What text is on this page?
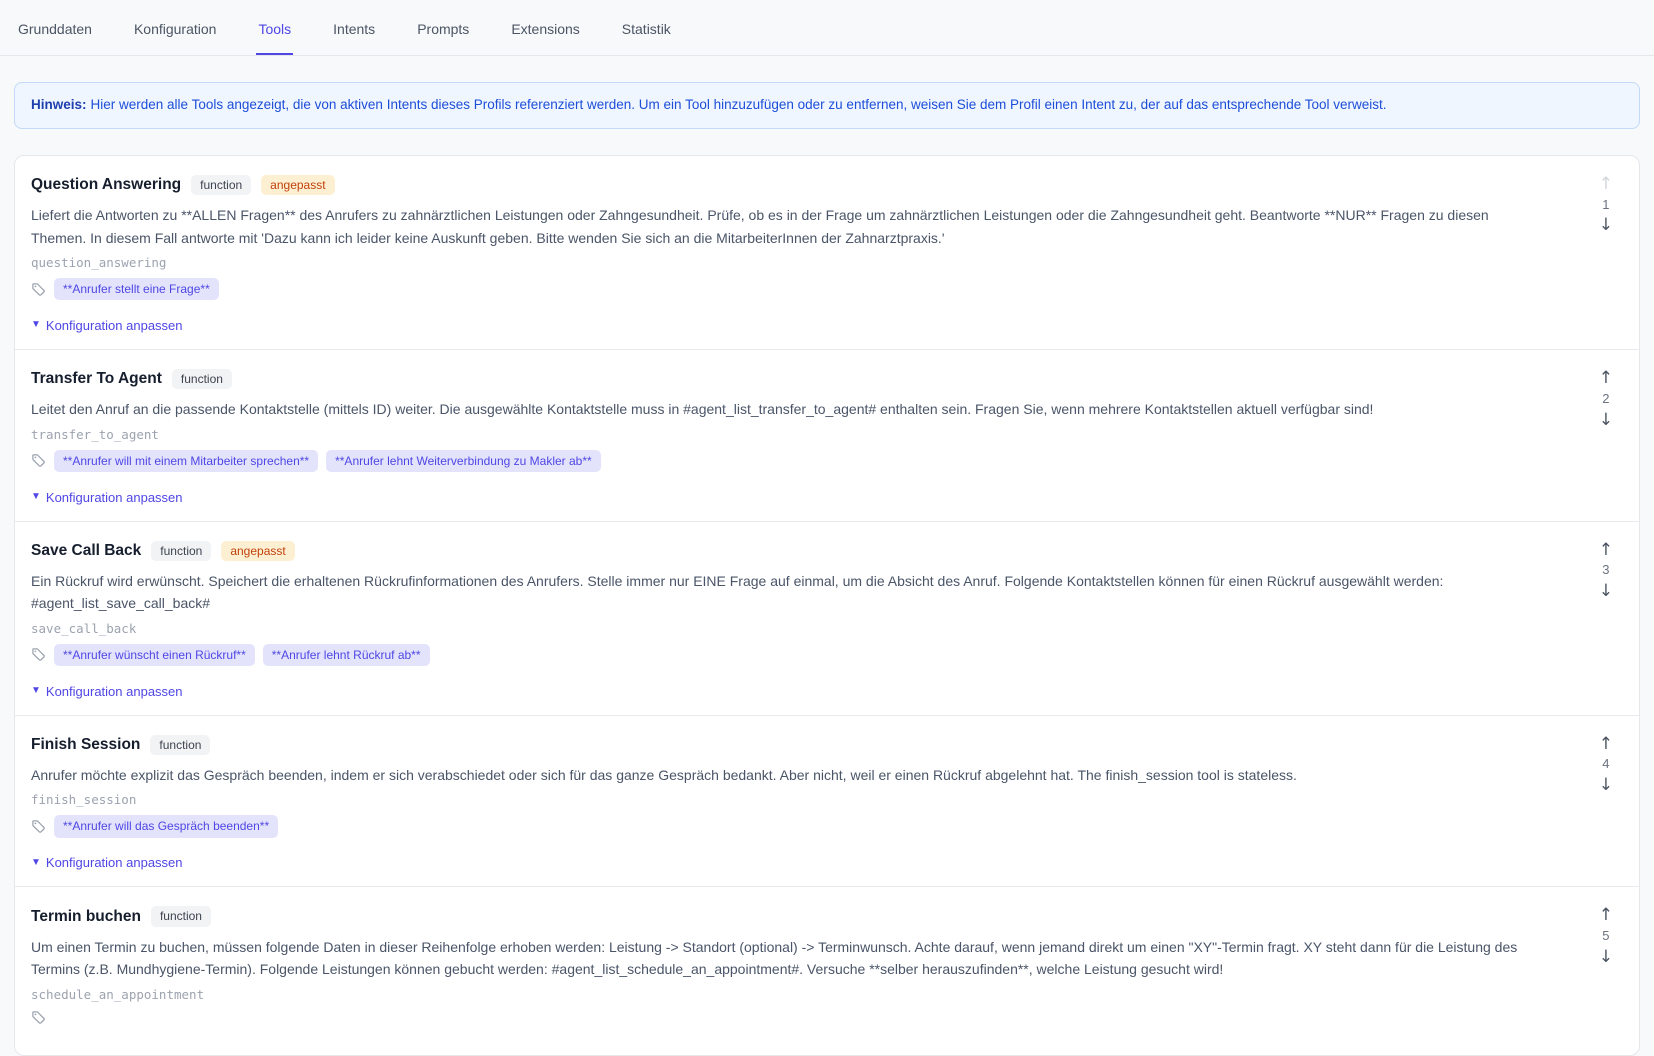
Grunddaten	Konfiguration	Tools	Intents	Prompts	Extensions	Statistik
Hinweis: Hier werden alle Tools angezeigt, die von aktiven Intents dieses Profils referenziert werden. Um ein Tool hinzuzufügen oder zu entfernen, weisen Sie dem Profil einen Intent zu, der auf das entsprechende Tool verweist.
Question Answering	function	angepasst

Liefert die Antworten zu **ALLEN Fragen** des Anrufers zu zahnärztlichen Leistungen oder Zahngesundheit. Prüfe, ob es in der Frage um zahnärztlichen Leistungen oder die Zahngesundheit geht. Beantworte **NUR** Fragen zu diesen Themen. In diesem Fall antworte mit 'Dazu kann ich leider keine Auskunft geben. Bitte wenden Sie sich an die MitarbeiterInnen der Zahnarztpraxis.'

question_answering
**Anrufer stellt eine Frage**
▼ Konfiguration anpassen
↑
1
↓
Transfer To Agent	function

Leitet den Anruf an die passende Kontaktstelle (mittels ID) weiter. Die ausgewählte Kontaktstelle muss in #agent_list_transfer_to_agent# enthalten sein. Fragen Sie, wenn mehrere Kontaktstellen aktuell verfügbar sind!

transfer_to_agent
**Anrufer will mit einem Mitarbeiter sprechen**	**Anrufer lehnt Weiterverbindung zu Makler ab**
▼ Konfiguration anpassen
↑
2
↓
Save Call Back	function	angepasst

Ein Rückruf wird erwünscht. Speichert die erhaltenen Rückrufinformationen des Anrufers. Stelle immer nur EINE Frage auf einmal, um die Absicht des Anruf. Folgende Kontaktstellen können für einen Rückruf ausgewählt werden: #agent_list_save_call_back#

save_call_back
**Anrufer wünscht einen Rückruf**	**Anrufer lehnt Rückruf ab**
▼ Konfiguration anpassen
↑
3
↓
Finish Session	function

Anrufer möchte explizit das Gespräch beenden, indem er sich verabschiedet oder sich für das ganze Gespräch bedankt. Aber nicht, weil er einen Rückruf abgelehnt hat. The finish_session tool is stateless.

finish_session
**Anrufer will das Gespräch beenden**
▼ Konfiguration anpassen
↑
4
↓
Termin buchen	function

Um einen Termin zu buchen, müssen folgende Daten in dieser Reihenfolge erhoben werden: Leistung -> Standort (optional) -> Terminwunsch. Achte darauf, wenn jemand direkt um einen "XY"-Termin fragt. XY steht dann für die Leistung des Termins (z.B. Mundhygiene-Termin). Folgende Leistungen können gebucht werden: #agent_list_schedule_an_appointment#. Versuche **selber herauszufinden**, welche Leistung gesucht wird!

schedule_an_appointment
↑
5
↓
